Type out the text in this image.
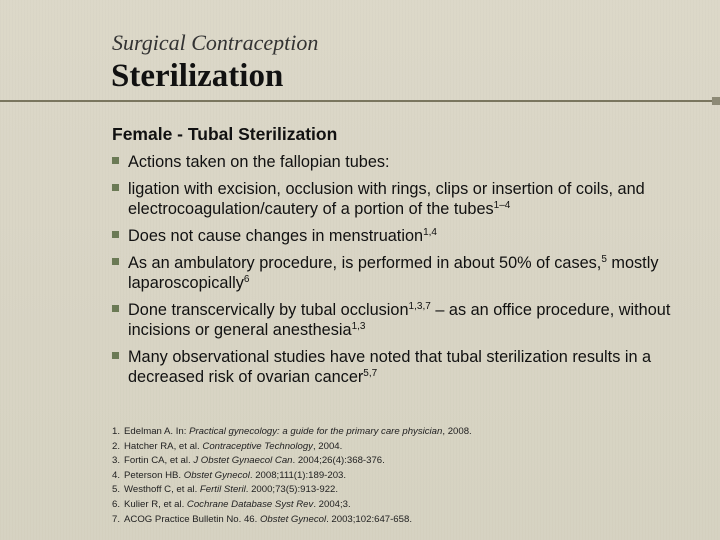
Surgical Contraception
Sterilization
Female - Tubal Sterilization
Actions taken on the fallopian tubes:
ligation with excision, occlusion with rings, clips or insertion of coils, and electrocoagulation/cautery of a portion of the tubes$^{1-4}$
Does not cause changes in menstruation$^{1,4}$
As an ambulatory procedure, is performed in about 50% of cases,$^5$ mostly laparoscopically$^6$
Done transcervically by tubal occlusion$^{1,3,7}$ – as an office procedure, without incisions or general anesthesia$^{1,3}$
Many observational studies have noted that tubal sterilization results in a decreased risk of ovarian cancer$^{5,7}$
1. Edelman A. In: Practical gynecology: a guide for the primary care physician, 2008.
2. Hatcher RA, et al. Contraceptive Technology, 2004.
3. Fortin CA, et al. J Obstet Gynaecol Can. 2004;26(4):368-376.
4. Peterson HB. Obstet Gynecol. 2008;111(1):189-203.
5. Westhoff C, et al. Fertil Steril. 2000;73(5):913-922.
6. Kulier R, et al. Cochrane Database Syst Rev. 2004;3.
7. ACOG Practice Bulletin No. 46. Obstet Gynecol. 2003;102:647-658.
